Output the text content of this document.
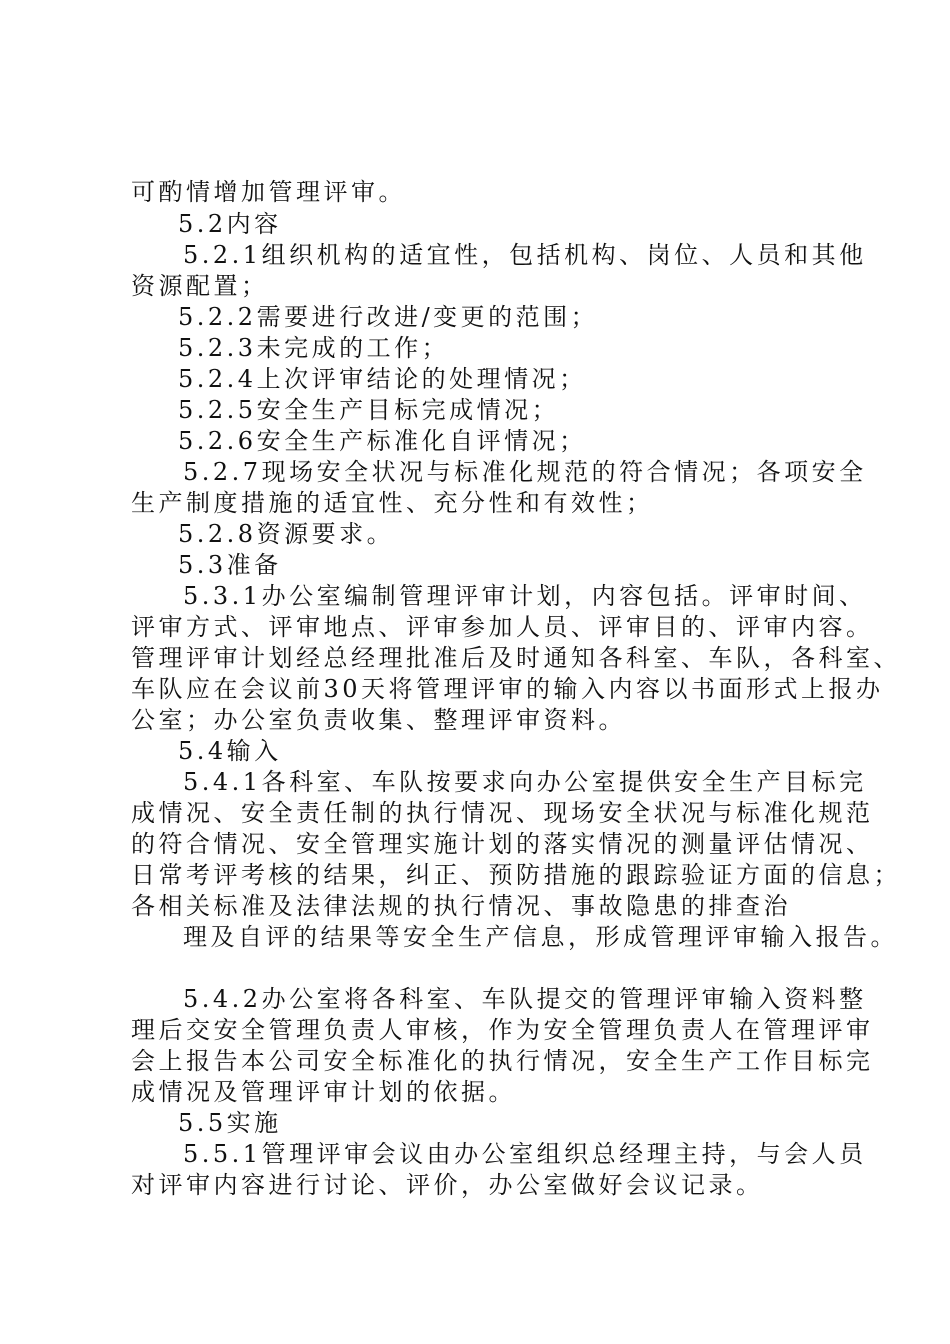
可酌情增加管理评审。
5.2内容
5.2.1组织机构的适宜性，包括机构、岗位、人员和其他
资源配置；
5.2.2需要进行改进/变更的范围；
5.2.3未完成的工作；
5.2.4上次评审结论的处理情况；
5.2.5安全生产目标完成情况；
5.2.6安全生产标准化自评情况；
5.2.7现场安全状况与标准化规范的符合情况；各项安全
生产制度措施的适宜性、充分性和有效性；
5.2.8资源要求。
5.3准备
5.3.1办公室编制管理评审计划，内容包括。评审时间、
评审方式、评审地点、评审参加人员、评审目的、评审内容。
管理评审计划经总经理批准后及时通知各科室、车队，各科室、
车队应在会议前30天将管理评审的输入内容以书面形式上报办
公室；办公室负责收集、整理评审资料。
5.4输入
5.4.1各科室、车队按要求向办公室提供安全生产目标完
成情况、安全责任制的执行情况、现场安全状况与标准化规范
的符合情况、安全管理实施计划的落实情况的测量评估情况、
日常考评考核的结果，纠正、预防措施的跟踪验证方面的信息；
各相关标准及法律法规的执行情况、事故隐患的排查治
理及自评的结果等安全生产信息，形成管理评审输入报告。
5.4.2办公室将各科室、车队提交的管理评审输入资料整
理后交安全管理负责人审核，作为安全管理负责人在管理评审
会上报告本公司安全标准化的执行情况，安全生产工作目标完
成情况及管理评审计划的依据。
5.5实施
5.5.1管理评审会议由办公室组织总经理主持，与会人员
对评审内容进行讨论、评价，办公室做好会议记录。
